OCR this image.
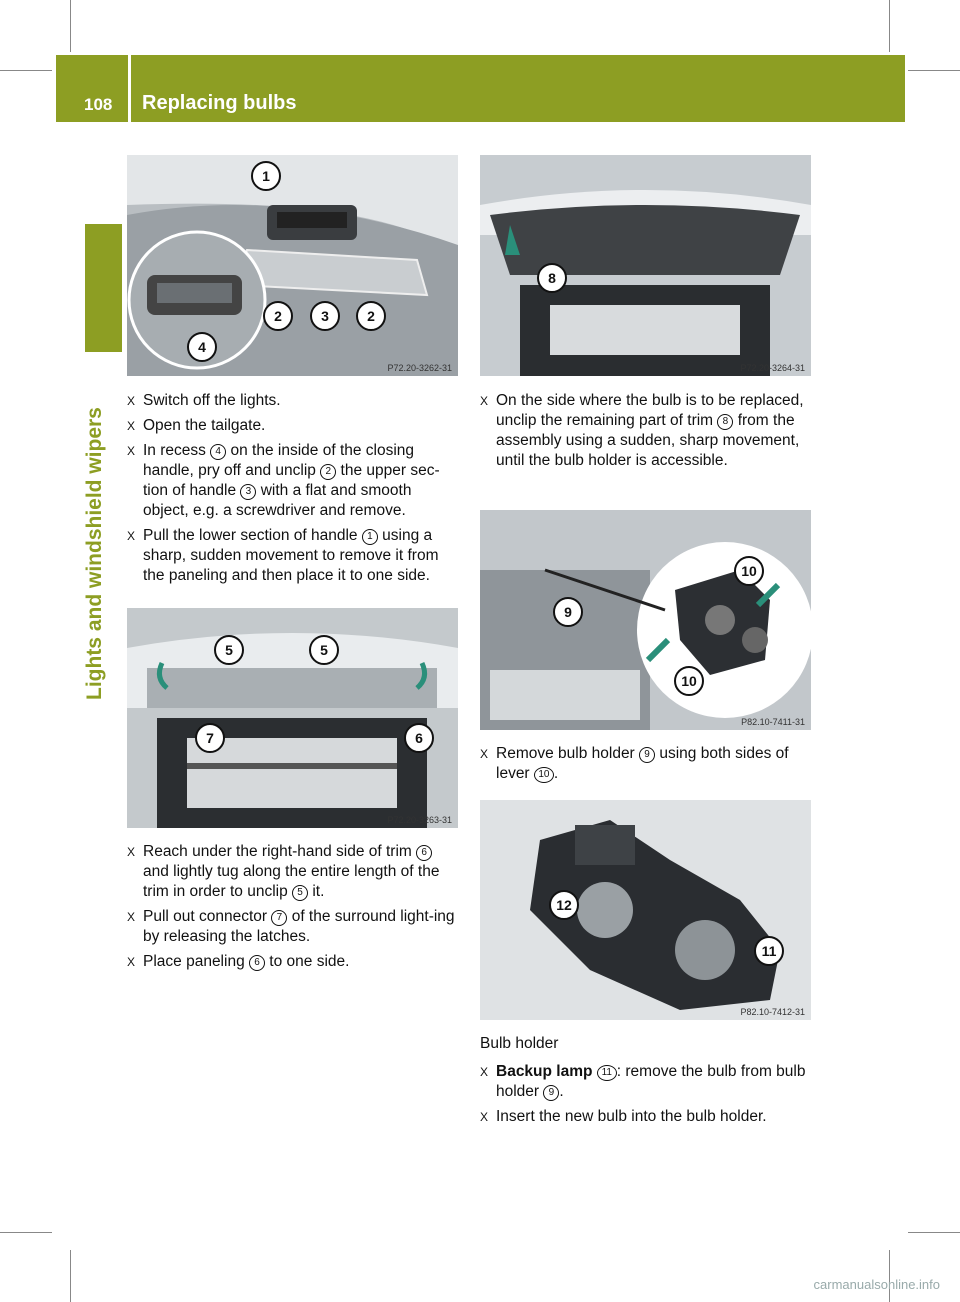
108 Replacing bulbs
Lights and windshield wipers
P72.20-3262-31
1
2	3	2
4
X Switch off the lights.
X Open the tailgate.
X In recess 4 on the inside of the closing handle, pry off and unclip 2 the upper sec-tion of handle 3 with a flat and smooth object, e.g. a screwdriver and remove.
X Pull the lower section of handle 1 using a sharp, sudden movement to remove it from the paneling and then place it to one side.
P72.20-3263-31
5	5
7	6
X Reach under the right-hand side of trim 6 and lightly tug along the entire length of the trim in order to unclip 5 it.
X Pull out connector 7 of the surround light-ing by releasing the latches.
X Place paneling 6 to one side.
P72.20-3264-31
8
X On the side where the bulb is to be replaced, unclip the remaining part of trim 8 from the assembly using a sudden, sharp movement, until the bulb holder is accessible.
P82.10-7411-31
10
9
10
X Remove bulb holder 9 using both sides of lever 10 .
P82.10-7412-31
12
11
Bulb holder
X Backup lamp 11 : remove the bulb from bulb holder 9 .
X Insert the new bulb into the bulb holder.
carmanualsonline.info
